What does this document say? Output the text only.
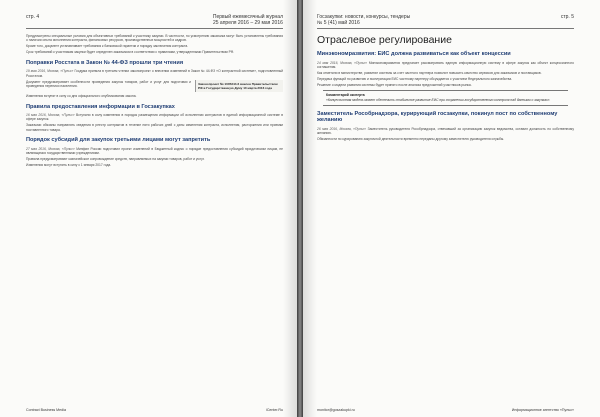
стр. 4	Первый ежемесячный журнал
25 апреля 2016 – 29 мая 2016

Предусмотрены специальные условия для объективных требований к участнику закупки. В частности, по усмотрению заказчика могут быть установлены требования о наличии опыта исполнения контракта, финансовых ресурсов, производственных мощностей и кадров.

Кроме того, документ устанавливает требования к банковской гарантии и порядку заключения контракта.

Срок требований к участникам закупки будет определен заказчиком в соответствии с правилами, утвержденными Правительством РФ.

Поправки Росстата в Закон № 44-ФЗ прошли три чтения

19 мая 2016, Москва, «Пульс» Госдума приняла в третьем чтении законопроект о внесении изменений в Закон № 44-ФЗ «О контрактной системе», подготовленный Росстатом.

Документ предусматривает особенности проведения закупок товаров, работ и услуг для подготовки и проведения переписи населения.

Законопроект № 1005344-6 внесен Правительством РФ в Государственную Думу 10 марта 2016 года

Изменения вступят в силу со дня официального опубликования закона.

Правила предоставления информации в Госзакупках

16 мая 2016, Москва, «Пульс» Вступили в силу изменения в порядок размещения информации об исполнении контрактов в единой информационной системе в сфере закупок.

Заказчики обязаны направлять сведения в реестр контрактов в течение пяти рабочих дней с даты изменения контракта, исполнения, расторжения или приемки поставленного товара.

Порядок субсидий для закупок третьими лицами могут запретить

27 мая 2016, Москва, «Пульс» Минфин России подготовил проект изменений в Бюджетный кодекс о порядке предоставления субсидий юридическим лицам, не являющимся государственными учреждениями.

Правила предусматривают казначейское сопровождение средств, направляемых на закупки товаров, работ и услуг.

Изменения могут вступить в силу с 1 января 2017 года.

Contract Business Media	iCenter.Ru
Госзакупки: новости, конкурсы, тендеры
№ 5 (41) май 2016
стр. 5
Отраслевое регулирование
Минэкономразвития: ЕИС должна развиваться как объект концессии

24 мая 2016, Москва, «Пульс» Минэкономразвития предлагает рассматривать единую информационную систему в сфере закупок как объект концессионного соглашения.

Как отметили в министерстве, развитие системы за счет частного партнера позволит повысить качество сервисов для заказчиков и поставщиков.

Передача функций по развитию и эксплуатации ЕИС частному партнеру обсуждается с участием Федерального казначейства.

Решение о модели развития системы будет принято после анализа предложений участников рынка.

Комментарий эксперта
«Концессионная модель может обеспечить стабильное развитие ЕИС при сохранении государственного контроля над данными о закупках».
Заместитель Рособрнадзора, курирующий госзакупки, покинул пост по собственному желанию

26 мая 2016, Москва, «Пульс» Заместитель руководителя Рособрнадзора, отвечавший за организацию закупок ведомства, оставил должность по собственному желанию.

Обязанности по курированию закупочной деятельности временно переданы другому заместителю руководителя службы.

monitor@goszakupki.ru	Информационное агентство «Пульс»
